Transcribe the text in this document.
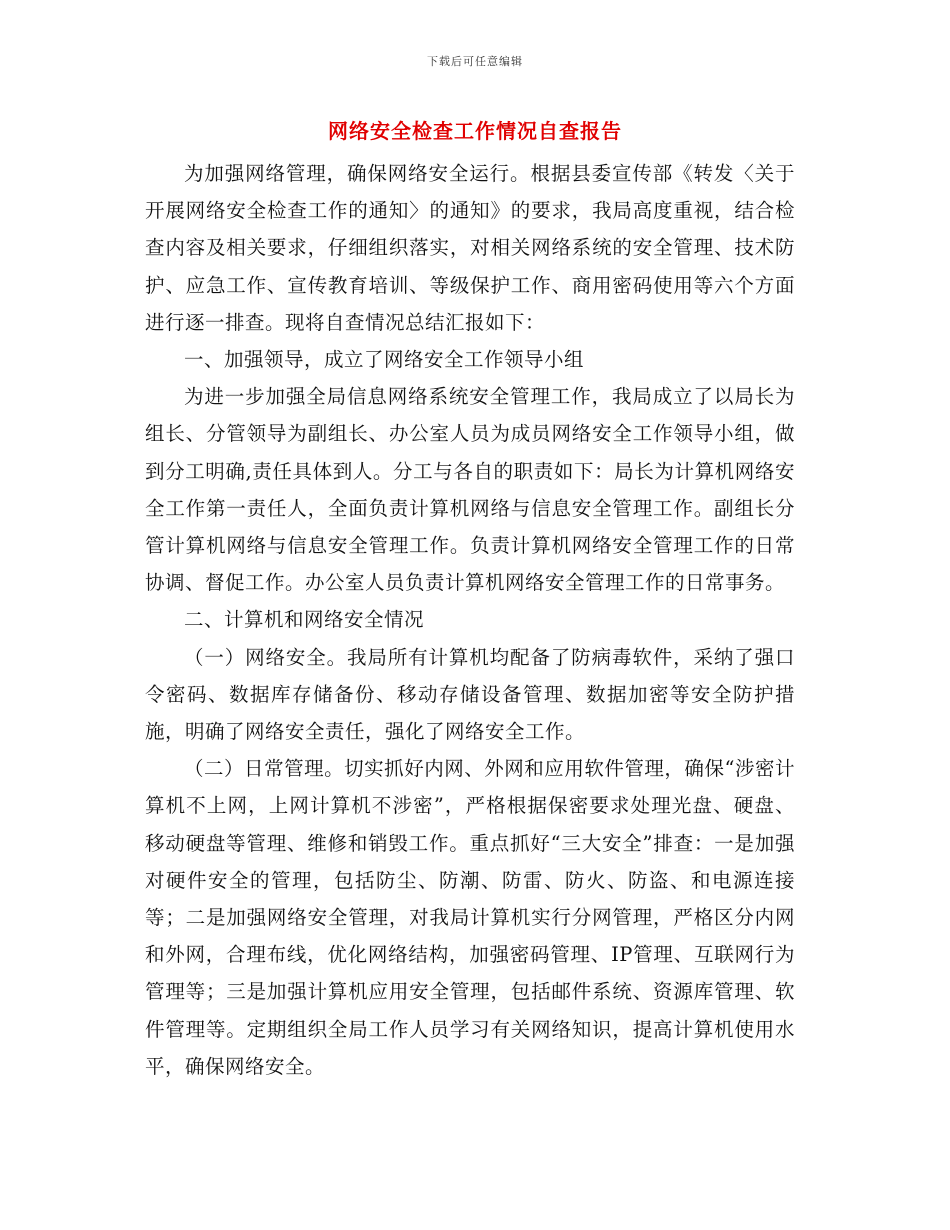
下载后可任意编辑
网络安全检查工作情况自查报告

为加强网络管理，确保网络安全运行。根据县委宣传部《转发〈关于开展网络安全检查工作的通知〉的通知》的要求，我局高度重视，结合检查内容及相关要求，仔细组织落实，对相关网络系统的安全管理、技术防护、应急工作、宣传教育培训、等级保护工作、商用密码使用等六个方面进行逐一排查。现将自查情况总结汇报如下：

一、加强领导，成立了网络安全工作领导小组

为进一步加强全局信息网络系统安全管理工作，我局成立了以局长为组长、分管领导为副组长、办公室人员为成员网络安全工作领导小组，做到分工明确,责任具体到人。分工与各自的职责如下：局长为计算机网络安全工作第一责任人，全面负责计算机网络与信息安全管理工作。副组长分管计算机网络与信息安全管理工作。负责计算机网络安全管理工作的日常协调、督促工作。办公室人员负责计算机网络安全管理工作的日常事务。

二、计算机和网络安全情况

（一）网络安全。我局所有计算机均配备了防病毒软件，采纳了强口令密码、数据库存储备份、移动存储设备管理、数据加密等安全防护措施，明确了网络安全责任，强化了网络安全工作。

（二）日常管理。切实抓好内网、外网和应用软件管理，确保“涉密计算机不上网，上网计算机不涉密”，严格根据保密要求处理光盘、硬盘、移动硬盘等管理、维修和销毁工作。重点抓好“三大安全”排查：一是加强对硬件安全的管理，包括防尘、防潮、防雷、防火、防盗、和电源连接等；二是加强网络安全管理，对我局计算机实行分网管理，严格区分内网和外网，合理布线，优化网络结构，加强密码管理、IP管理、互联网行为管理等；三是加强计算机应用安全管理，包括邮件系统、资源库管理、软件管理等。定期组织全局工作人员学习有关网络知识，提高计算机使用水平，确保网络安全。
